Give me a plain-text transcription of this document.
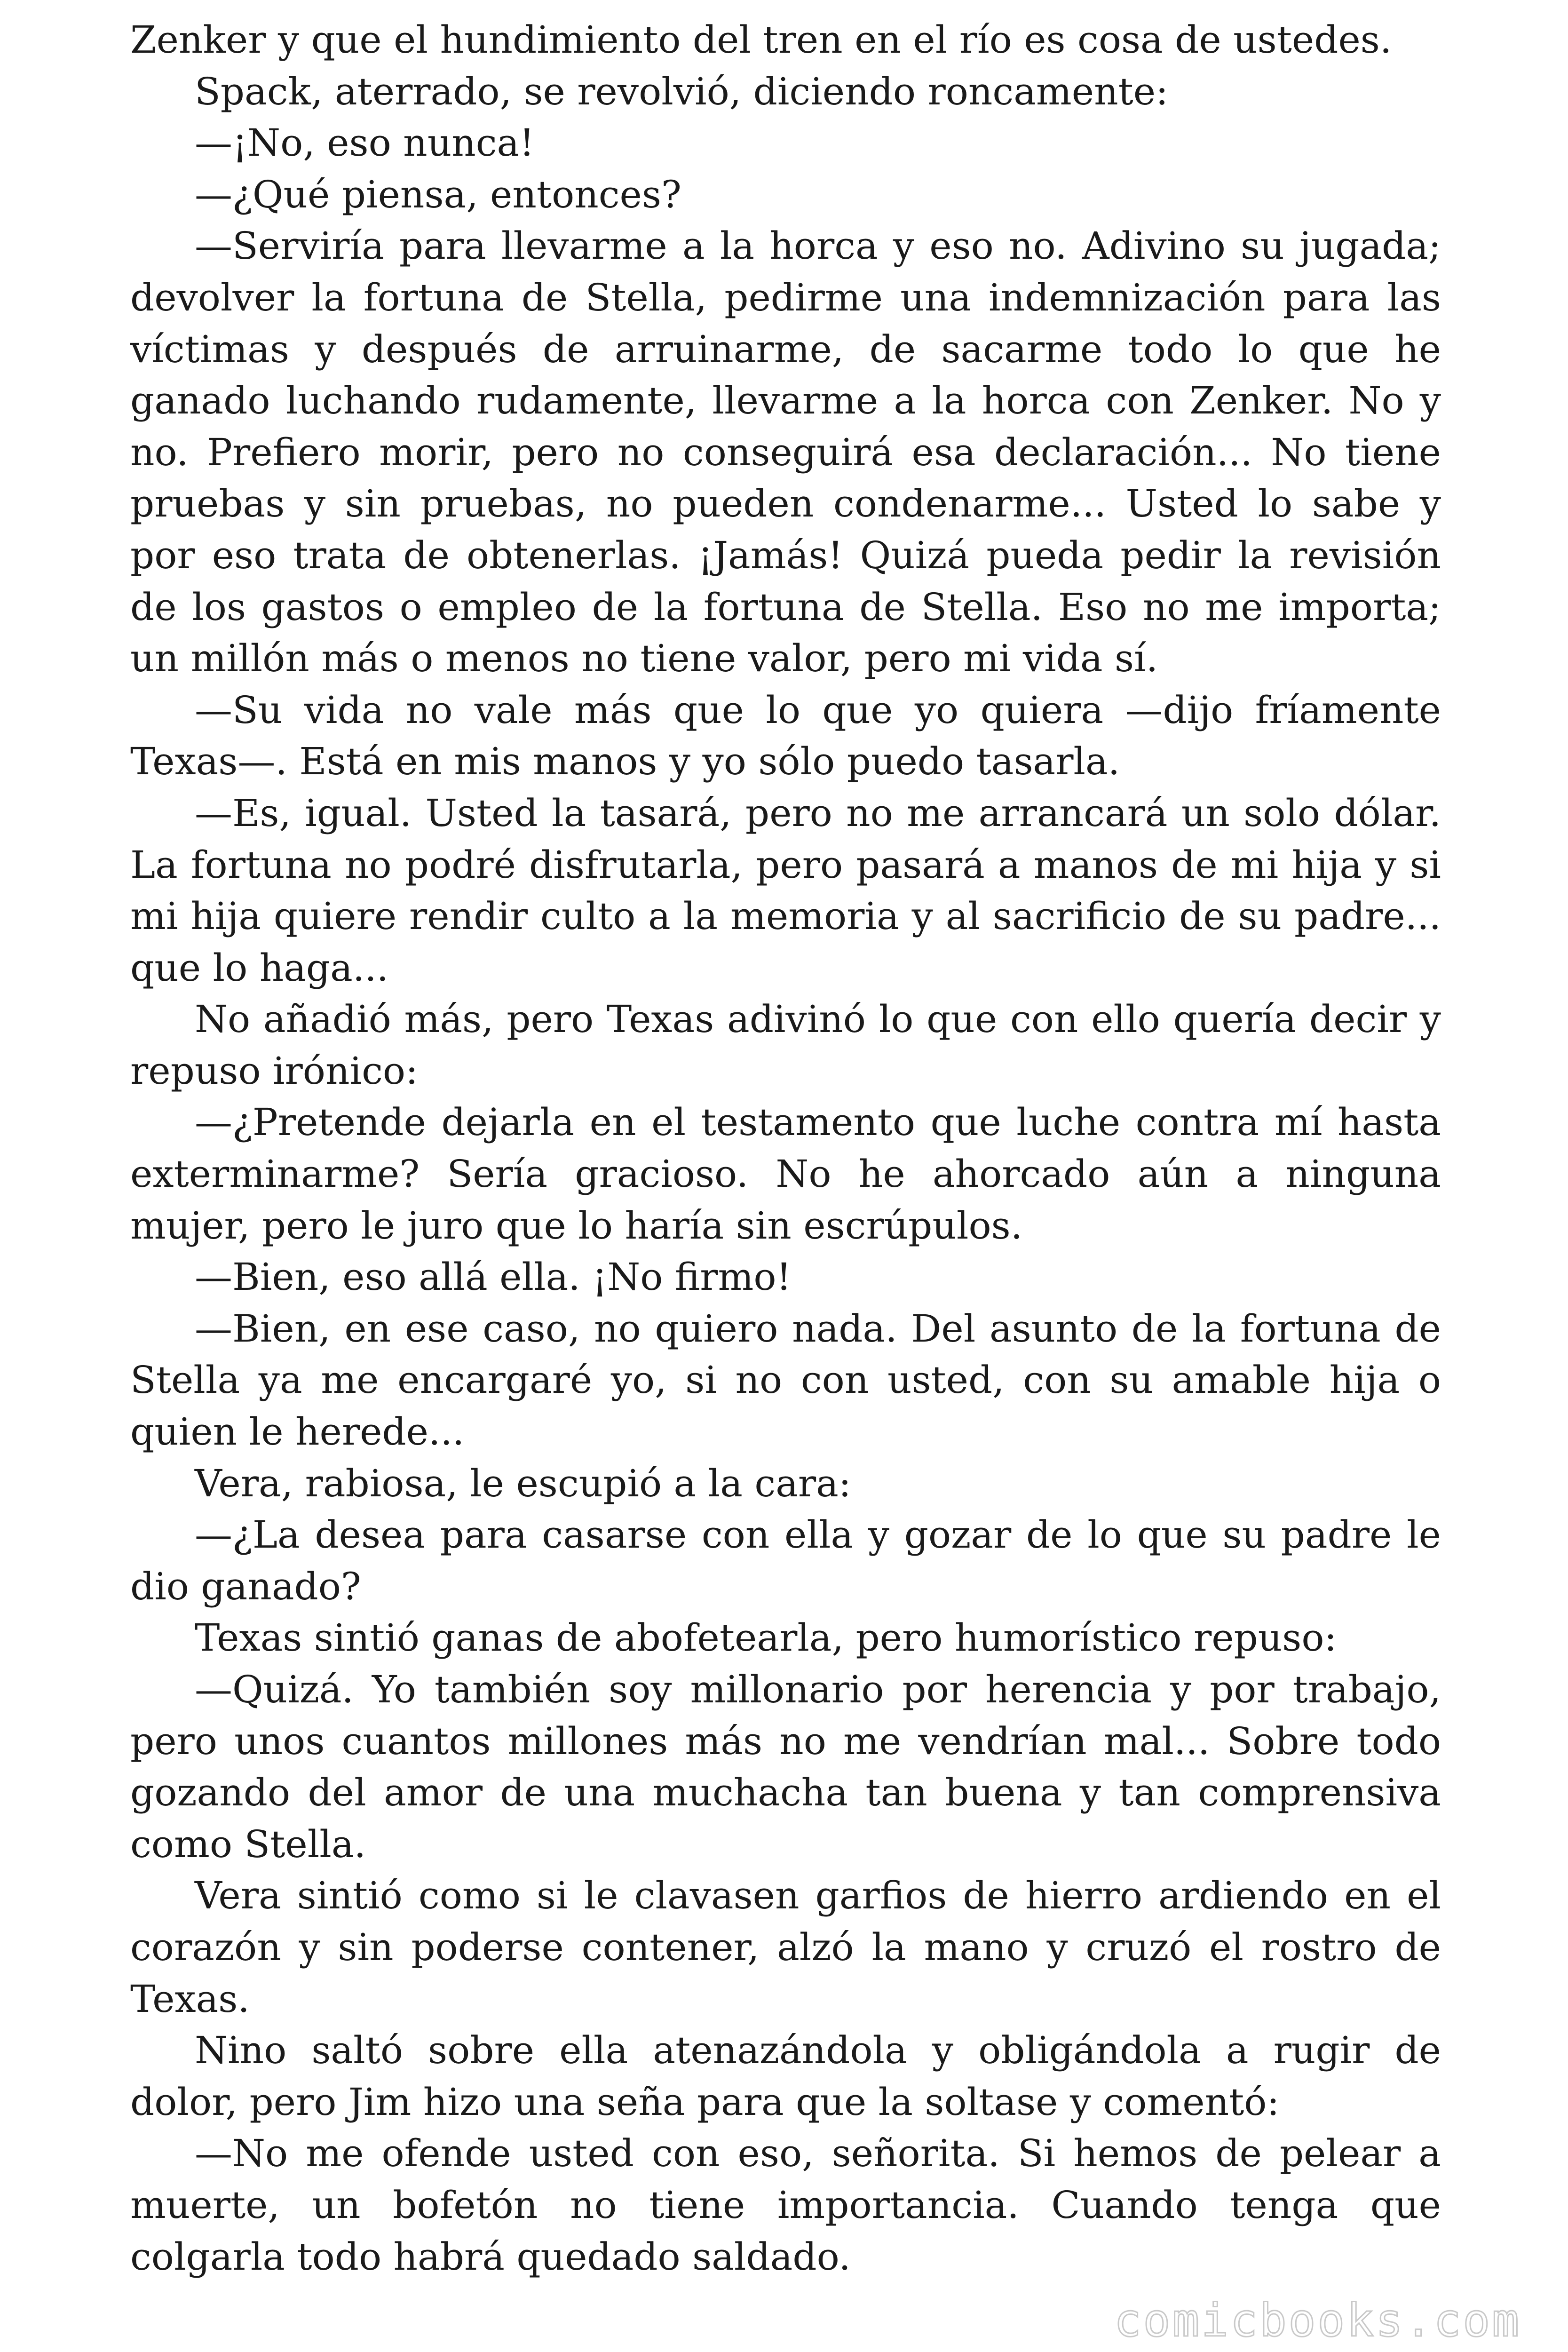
Zenker y que el hundimiento del tren en el río es cosa de ustedes.

Spack, aterrado, se revolvió, diciendo roncamente:

—¡No, eso nunca!

—¿Qué piensa, entonces?

—Serviría para llevarme a la horca y eso no. Adivino su jugada; devolver la fortuna de Stella, pedirme una indemnización para las víctimas y después de arruinarme, de sacarme todo lo que he ganado luchando rudamente, llevarme a la horca con Zenker. No y no. Prefiero morir, pero no conseguirá esa declaración... No tiene pruebas y sin pruebas, no pueden condenarme... Usted lo sabe y por eso trata de obtenerlas. ¡Jamás! Quizá pueda pedir la revisión de los gastos o empleo de la fortuna de Stella. Eso no me importa; un millón más o menos no tiene valor, pero mi vida sí.

—Su vida no vale más que lo que yo quiera —dijo fríamente Texas—. Está en mis manos y yo sólo puedo tasarla.

—Es, igual. Usted la tasará, pero no me arrancará un solo dólar. La fortuna no podré disfrutarla, pero pasará a manos de mi hija y si mi hija quiere rendir culto a la memoria y al sacrificio de su padre... que lo haga...

No añadió más, pero Texas adivinó lo que con ello quería decir y repuso irónico:

—¿Pretende dejarla en el testamento que luche contra mí hasta exterminarme? Sería gracioso. No he ahorcado aún a ninguna mujer, pero le juro que lo haría sin escrúpulos.

—Bien, eso allá ella. ¡No firmo!

—Bien, en ese caso, no quiero nada. Del asunto de la fortuna de Stella ya me encargaré yo, si no con usted, con su amable hija o quien le herede...

Vera, rabiosa, le escupió a la cara:

—¿La desea para casarse con ella y gozar de lo que su padre le dio ganado?

Texas sintió ganas de abofetearla, pero humorístico repuso:

—Quizá. Yo también soy millonario por herencia y por trabajo, pero unos cuantos millones más no me vendrían mal... Sobre todo gozando del amor de una muchacha tan buena y tan comprensiva como Stella.

Vera sintió como si le clavasen garfios de hierro ardiendo en el corazón y sin poderse contener, alzó la mano y cruzó el rostro de Texas.

Nino saltó sobre ella atenazándola y obligándola a rugir de dolor, pero Jim hizo una seña para que la soltase y comentó:

—No me ofende usted con eso, señorita. Si hemos de pelear a muerte, un bofetón no tiene importancia. Cuando tenga que colgarla todo habrá quedado saldado.

comicbooks.com
